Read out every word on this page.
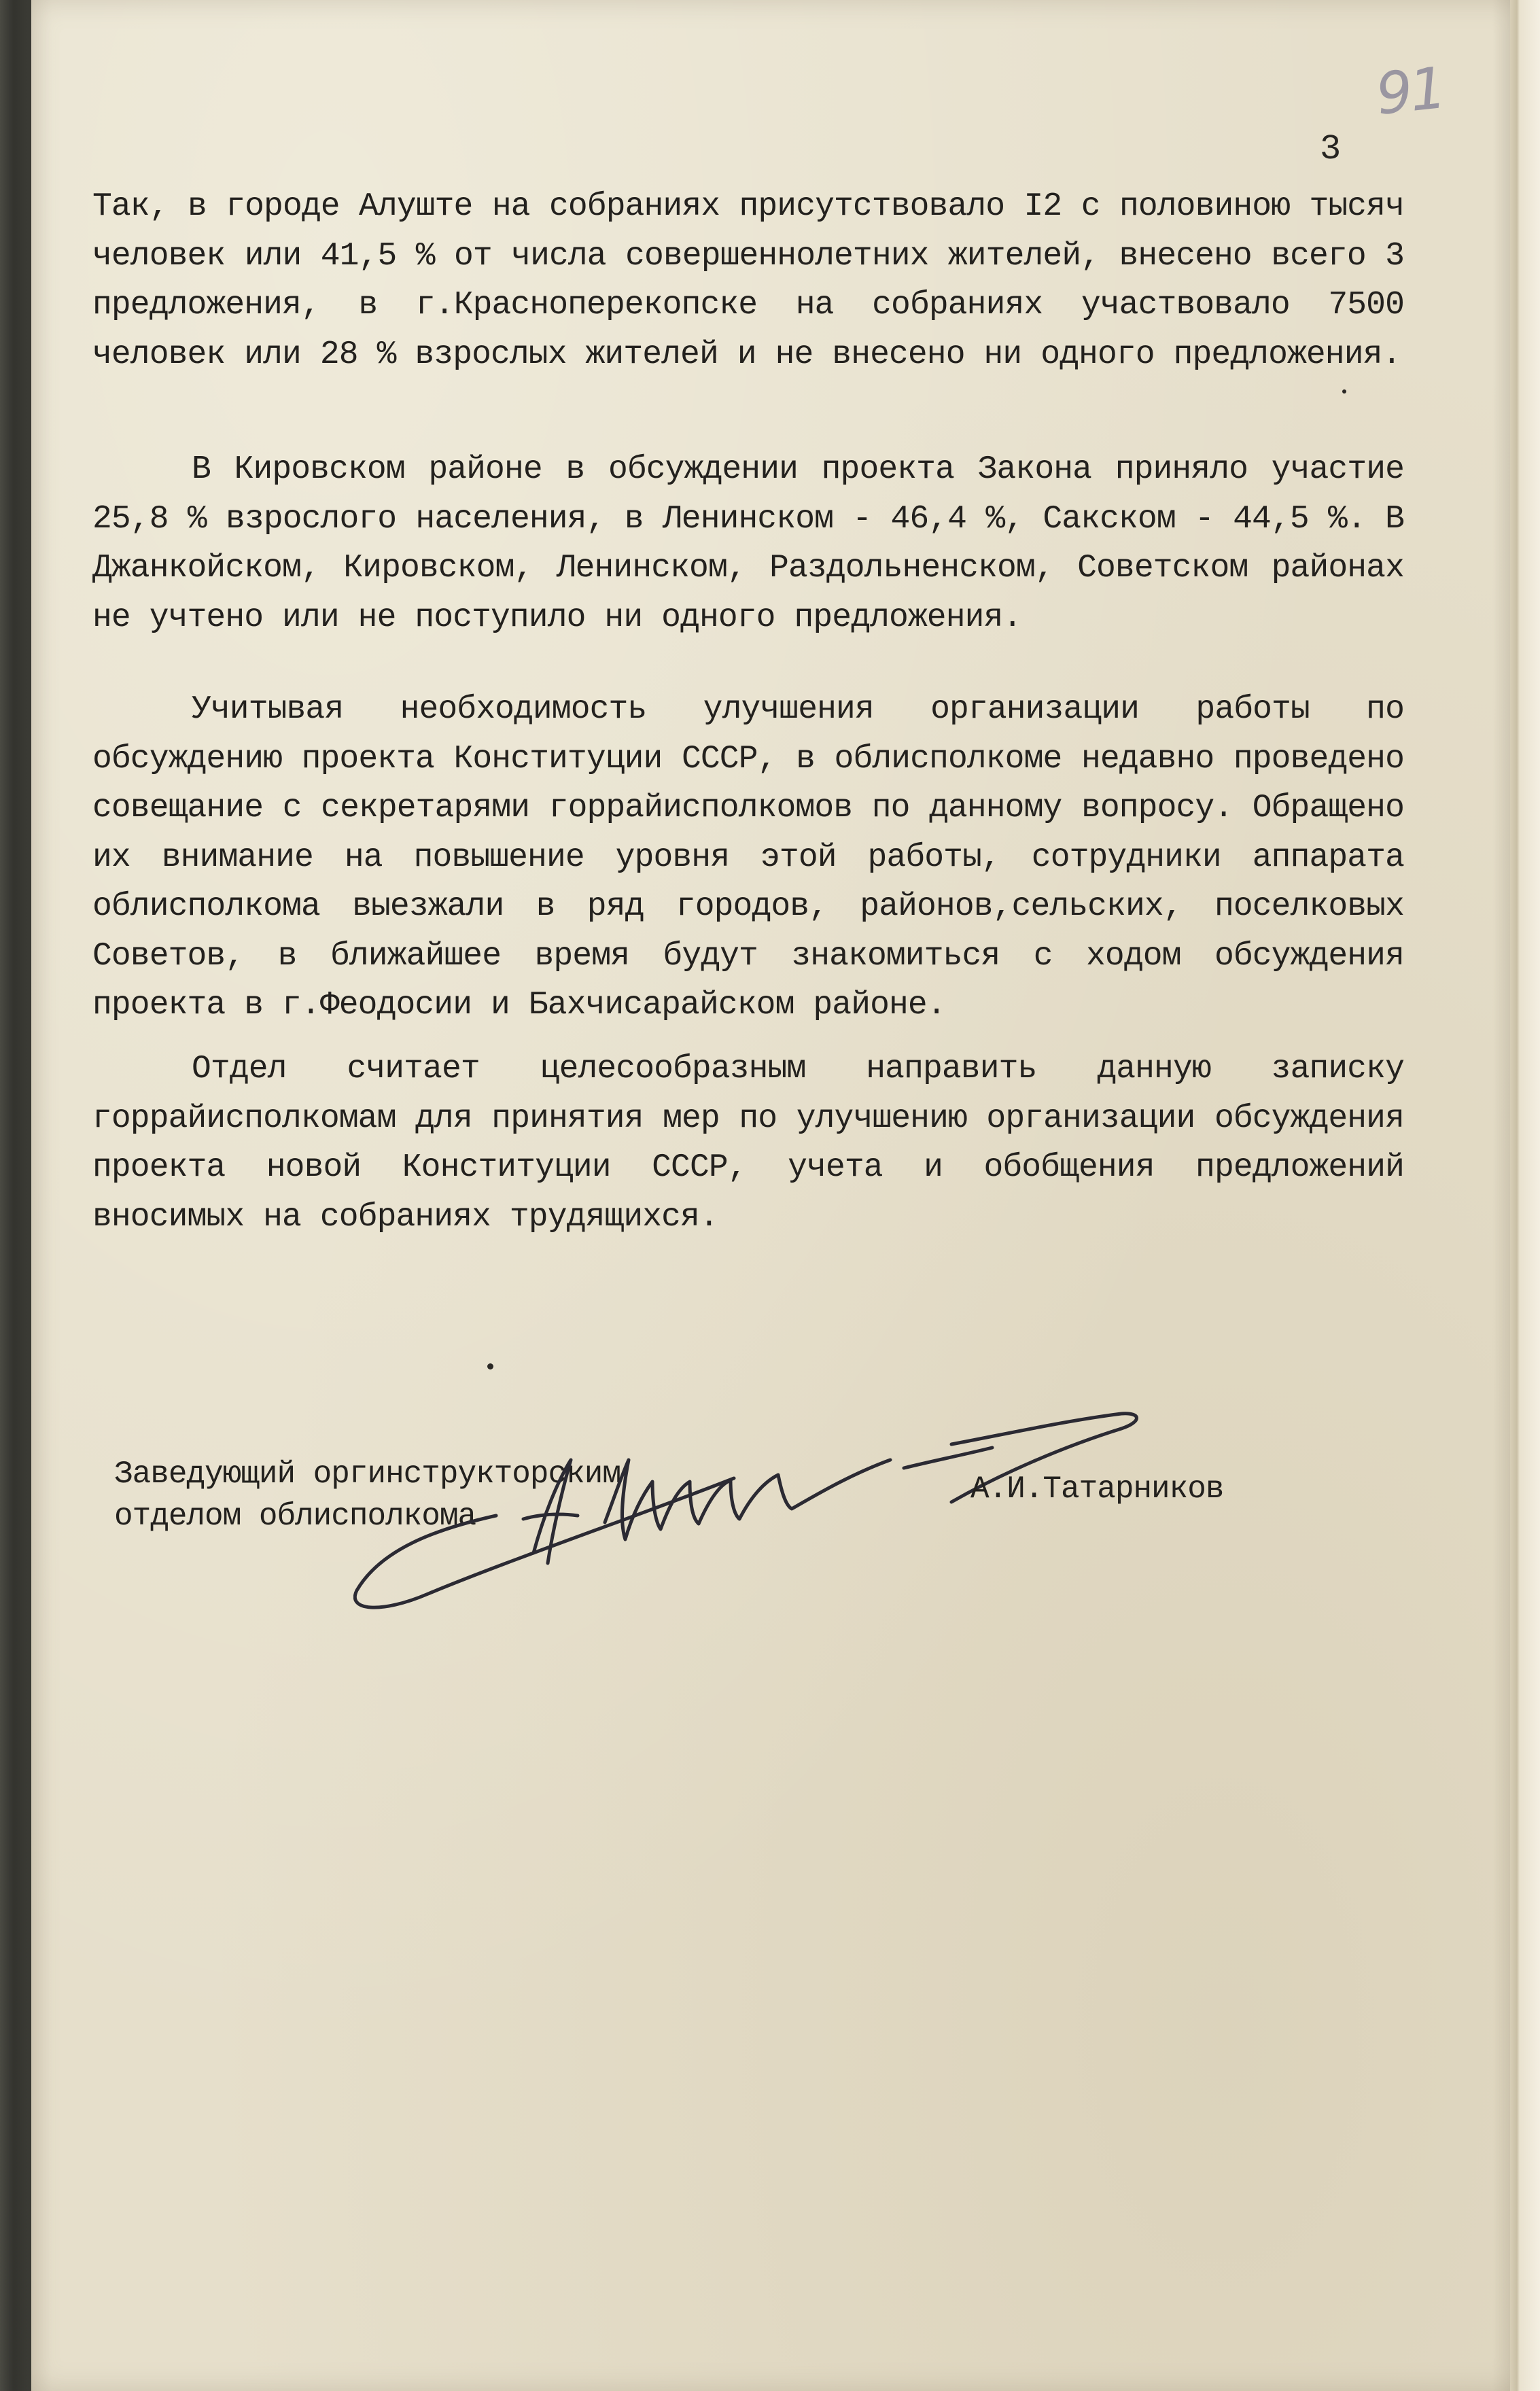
91
3

Так, в городе Алуште на собраниях присутствовало I2 с половиною тысяч человек или 41,5 % от числа совершеннолетних жителей, внесено всего 3 предложения, в г.Красноперекопске на собраниях участвовало 7500 человек или 28 % взрослых жителей и не внесено ни одного предложения.

В Кировском районе в обсуждении проекта Закона приняло участие 25,8 % взрослого населения, в Ленинском - 46,4 %, Сакском - 44,5 %. В Джанкойском, Кировском, Ленинском, Раздольненском, Советском районах не учтено или не поступило ни одного предложения.

Учитывая необходимость улучшения организации работы по обсуждению проекта Конституции СССР, в облисполкоме недавно проведено совещание с секретарями горрайисполкомов по данному вопросу. Обращено их внимание на повышение уровня этой работы, сотрудники аппарата облисполкома выезжали в ряд городов, районов,сельских, поселковых Советов, в ближайшее время будут знакомиться с ходом обсуждения проекта в г.Феодосии и Бахчисарайском районе.

Отдел считает целесообразным направить данную записку горрайисполкомам для принятия мер по улучшению организации обсуждения проекта новой Конституции СССР, учета и обобщения предложений вносимых на собраниях трудящихся.

Заведующий оргинструкторским
отделом облисполкома
А.И.Татарников
